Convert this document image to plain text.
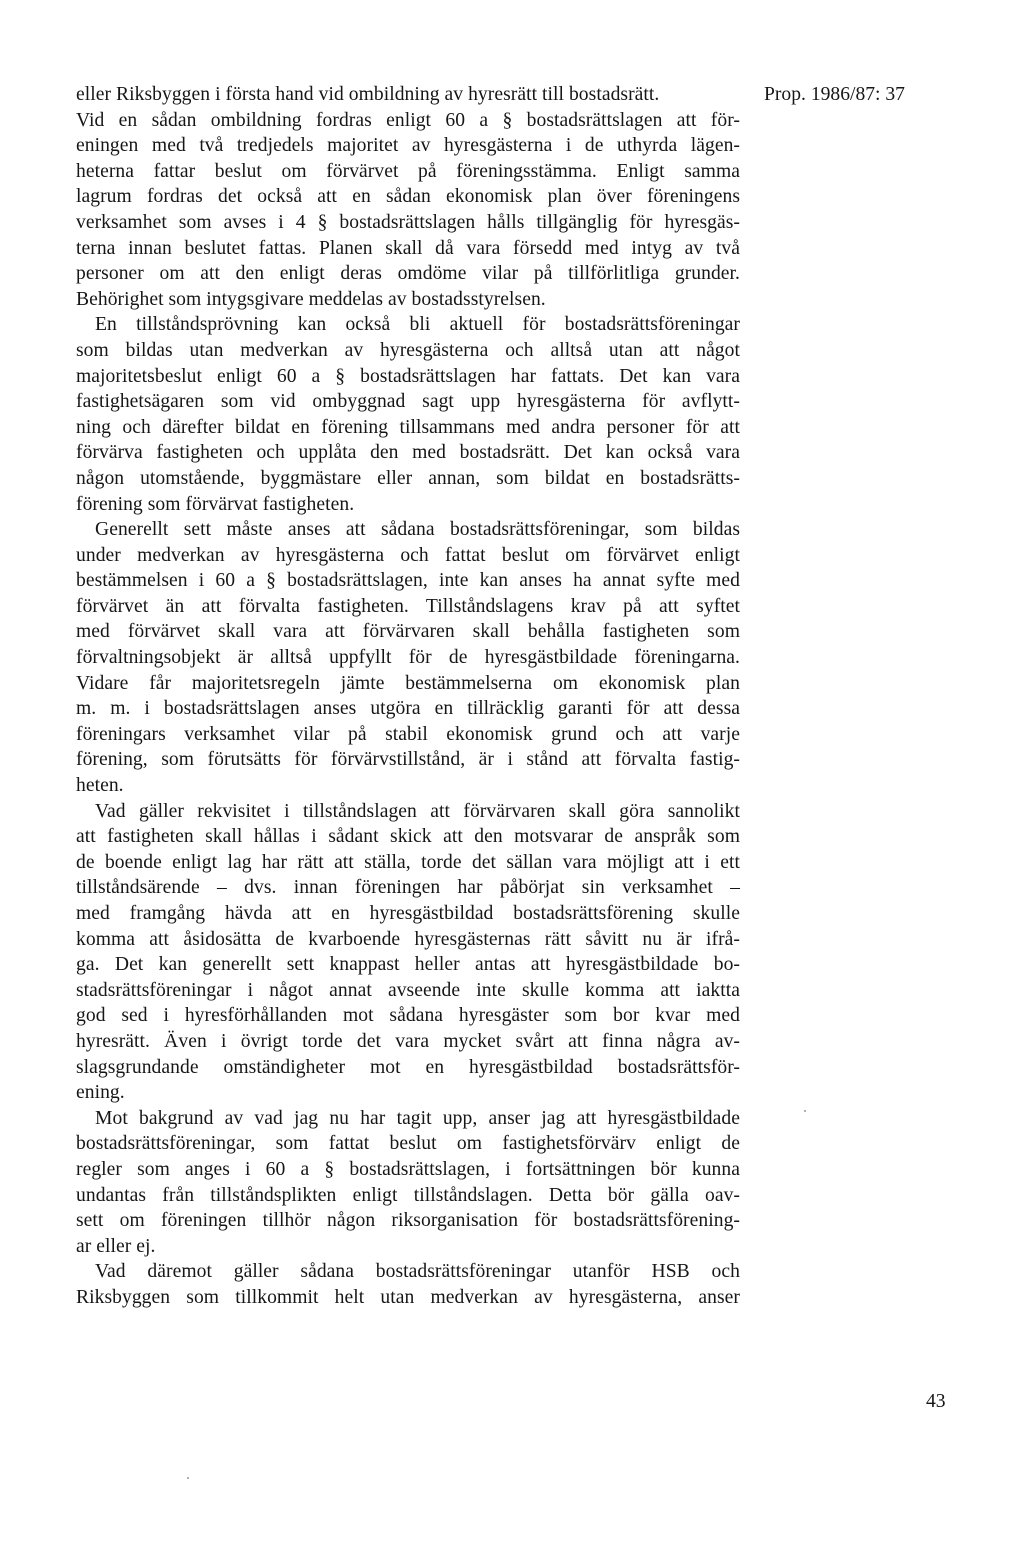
eller Riksbyggen i första hand vid ombildning av hyresrätt till bostadsrätt.
Vid en sådan ombildning fordras enligt 60 a § bostadsrättslagen att för-
eningen med två tredjedels majoritet av hyresgästerna i de uthyrda lägen-
heterna fattar beslut om förvärvet på föreningsstämma. Enligt samma
lagrum fordras det också att en sådan ekonomisk plan över föreningens
verksamhet som avses i 4 § bostadsrättslagen hålls tillgänglig för hyresgäs-
terna innan beslutet fattas. Planen skall då vara försedd med intyg av två
personer om att den enligt deras omdöme vilar på tillförlitliga grunder.
Behörighet som intygsgivare meddelas av bostadsstyrelsen.
En tillståndsprövning kan också bli aktuell för bostadsrättsföreningar
som bildas utan medverkan av hyresgästerna och alltså utan att något
majoritetsbeslut enligt 60 a § bostadsrättslagen har fattats. Det kan vara
fastighetsägaren som vid ombyggnad sagt upp hyresgästerna för avflytt-
ning och därefter bildat en förening tillsammans med andra personer för att
förvärva fastigheten och upplåta den med bostadsrätt. Det kan också vara
någon utomstående, byggmästare eller annan, som bildat en bostadsrätts-
förening som förvärvat fastigheten.
Generellt sett måste anses att sådana bostadsrättsföreningar, som bildas
under medverkan av hyresgästerna och fattat beslut om förvärvet enligt
bestämmelsen i 60 a § bostadsrättslagen, inte kan anses ha annat syfte med
förvärvet än att förvalta fastigheten. Tillståndslagens krav på att syftet
med förvärvet skall vara att förvärvaren skall behålla fastigheten som
förvaltningsobjekt är alltså uppfyllt för de hyresgästbildade föreningarna.
Vidare får majoritetsregeln jämte bestämmelserna om ekonomisk plan
m. m. i bostadsrättslagen anses utgöra en tillräcklig garanti för att dessa
föreningars verksamhet vilar på stabil ekonomisk grund och att varje
förening, som förutsätts för förvärvstillstånd, är i stånd att förvalta fastig-
heten.
Vad gäller rekvisitet i tillståndslagen att förvärvaren skall göra sannolikt
att fastigheten skall hållas i sådant skick att den motsvarar de anspråk som
de boende enligt lag har rätt att ställa, torde det sällan vara möjligt att i ett
tillståndsärende – dvs. innan föreningen har påbörjat sin verksamhet –
med framgång hävda att en hyresgästbildad bostadsrättsförening skulle
komma att åsidosätta de kvarboende hyresgästernas rätt såvitt nu är ifrå-
ga. Det kan generellt sett knappast heller antas att hyresgästbildade bo-
stadsrättsföreningar i något annat avseende inte skulle komma att iaktta
god sed i hyresförhållanden mot sådana hyresgäster som bor kvar med
hyresrätt. Även i övrigt torde det vara mycket svårt att finna några av-
slagsgrundande omständigheter mot en hyresgästbildad bostadsrättsför-
ening.
Mot bakgrund av vad jag nu har tagit upp, anser jag att hyresgästbildade
bostadsrättsföreningar, som fattat beslut om fastighetsförvärv enligt de
regler som anges i 60 a § bostadsrättslagen, i fortsättningen bör kunna
undantas från tillståndsplikten enligt tillståndslagen. Detta bör gälla oav-
sett om föreningen tillhör någon riksorganisation för bostadsrättsförening-
ar eller ej.
Vad däremot gäller sådana bostadsrättsföreningar utanför HSB och
Riksbyggen som tillkommit helt utan medverkan av hyresgästerna, anser
Prop. 1986/87: 37
43
